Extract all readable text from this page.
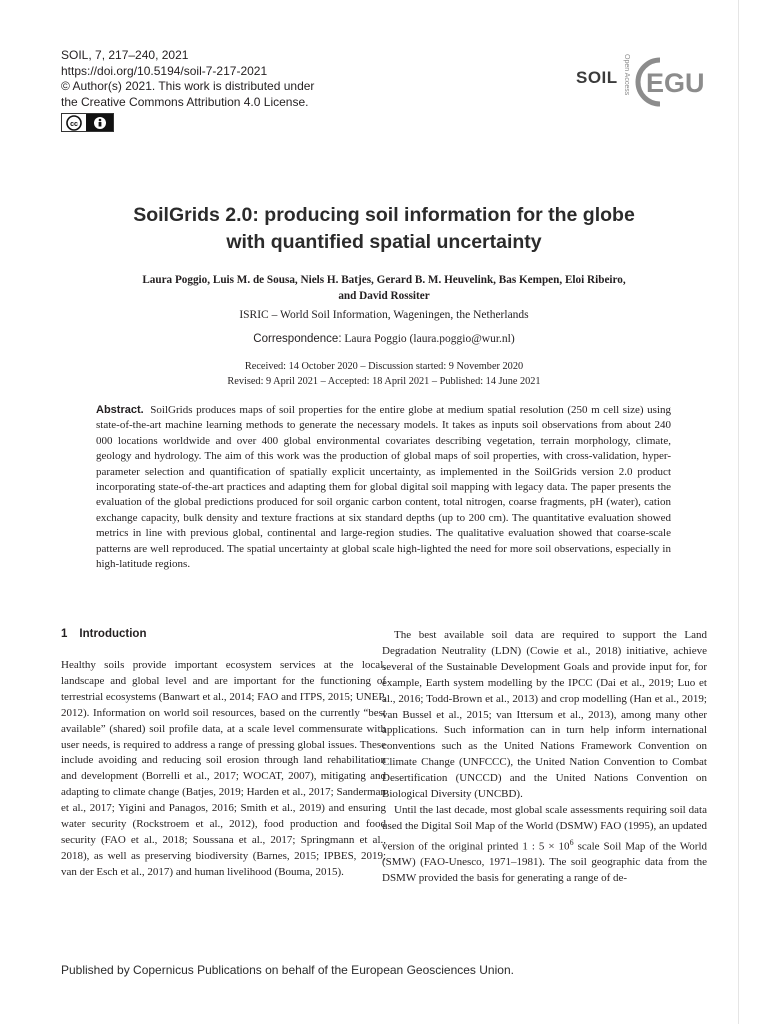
SOIL, 7, 217–240, 2021
https://doi.org/10.5194/soil-7-217-2021
© Author(s) 2021. This work is distributed under
the Creative Commons Attribution 4.0 License.
cc
SOIL Open Access EGU
SoilGrids 2.0: producing soil information for the globe
with quantified spatial uncertainty
Laura Poggio, Luis M. de Sousa, Niels H. Batjes, Gerard B. M. Heuvelink, Bas Kempen, Eloi Ribeiro,
and David Rossiter
ISRIC – World Soil Information, Wageningen, the Netherlands
Correspondence: Laura Poggio (laura.poggio@wur.nl)
Received: 14 October 2020 – Discussion started: 9 November 2020
Revised: 9 April 2021 – Accepted: 18 April 2021 – Published: 14 June 2021
Abstract. SoilGrids produces maps of soil properties for the entire globe at medium spatial resolution (250 m cell size) using state-of-the-art machine learning methods to generate the necessary models. It takes as inputs soil observations from about 240 000 locations worldwide and over 400 global environmental covariates describing vegetation, terrain morphology, climate, geology and hydrology. The aim of this work was the production of global maps of soil properties, with cross-validation, hyper-parameter selection and quantification of spatially explicit uncertainty, as implemented in the SoilGrids version 2.0 product incorporating state-of-the-art practices and adapting them for global digital soil mapping with legacy data. The paper presents the evaluation of the global predictions produced for soil organic carbon content, total nitrogen, coarse fragments, pH (water), cation exchange capacity, bulk density and texture fractions at six standard depths (up to 200 cm). The quantitative evaluation showed metrics in line with previous global, continental and large-region studies. The qualitative evaluation showed that coarse-scale patterns are well reproduced. The spatial uncertainty at global scale high-lighted the need for more soil observations, especially in high-latitude regions.
1 Introduction

Healthy soils provide important ecosystem services at the local, landscape and global level and are important for the functioning of terrestrial ecosystems (Banwart et al., 2014; FAO and ITPS, 2015; UNEP, 2012). Information on world soil resources, based on the currently “best available” (shared) soil profile data, at a scale level commensurate with user needs, is required to address a range of pressing global issues. These include avoiding and reducing soil erosion through land rehabilitation and development (Borrelli et al., 2017; WOCAT, 2007), mitigating and adapting to climate change (Batjes, 2019; Harden et al., 2017; Sanderman et al., 2017; Yigini and Panagos, 2016; Smith et al., 2019) and ensuring water security (Rockstroem et al., 2012), food production and food security (FAO et al., 2018; Soussana et al., 2017; Springmann et al., 2018), as well as preserving biodiversity (Barnes, 2015; IPBES, 2019; van der Esch et al., 2017) and human livelihood (Bouma, 2015).

The best available soil data are required to support the Land Degradation Neutrality (LDN) (Cowie et al., 2018) initiative, achieve several of the Sustainable Development Goals and provide input for, for example, Earth system modelling by the IPCC (Dai et al., 2019; Luo et al., 2016; Todd-Brown et al., 2013) and crop modelling (Han et al., 2019; van Bussel et al., 2015; van Ittersum et al., 2013), among many other applications. Such information can in turn help inform international conventions such as the United Nations Framework Convention on Climate Change (UNFCCC), the United Nation Convention to Combat Desertification (UNCCD) and the United Nations Convention on Biological Diversity (UNCBD).

Until the last decade, most global scale assessments requiring soil data used the Digital Soil Map of the World (DSMW) FAO (1995), an updated version of the original printed 1 : $5 \times 10^6$ scale Soil Map of the World (SMW) (FAO-Unesco, 1971–1981). The soil geographic data from the DSMW provided the basis for generating a range of de-

Published by Copernicus Publications on behalf of the European Geosciences Union.
